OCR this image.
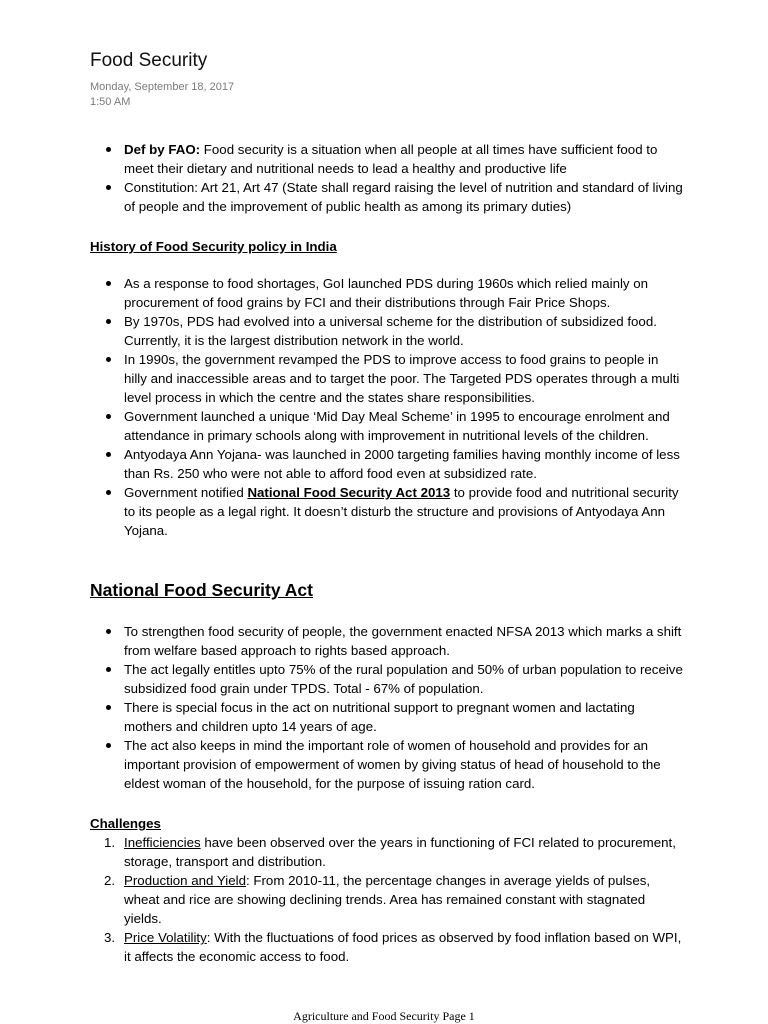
Food Security
Monday, September 18, 2017
1:50 AM
Def by FAO: Food security is a situation when all people at all times have sufficient food to meet their dietary and nutritional needs to lead a healthy and productive life
Constitution: Art 21, Art 47 (State shall regard raising the level of nutrition and standard of living of people and the improvement of public health as among its primary duties)
History of Food Security policy in India
As a response to food shortages, GoI launched PDS during 1960s which relied mainly on procurement of food grains by FCI and their distributions through Fair Price Shops.
By 1970s, PDS had evolved into a universal scheme for the distribution of subsidized food. Currently, it is the largest distribution network in the world.
In 1990s, the government revamped the PDS to improve access to food grains to people in hilly and inaccessible areas and to target the poor. The Targeted PDS operates through a multi level process in which the centre and the states share responsibilities.
Government launched a unique ‘Mid Day Meal Scheme’ in 1995 to encourage enrolment and attendance in primary schools along with improvement in nutritional levels of the children.
Antyodaya Ann Yojana- was launched in 2000 targeting families having monthly income of less than Rs. 250 who were not able to afford food even at subsidized rate.
Government notified National Food Security Act 2013 to provide food and nutritional security to its people as a legal right. It doesn’t disturb the structure and provisions of Antyodaya Ann Yojana.
National Food Security Act
To strengthen food security of people, the government enacted NFSA 2013 which marks a shift from welfare based approach to rights based approach.
The act legally entitles upto 75% of the rural population and 50% of urban population to receive subsidized food grain under TPDS. Total - 67% of population.
There is special focus in the act on nutritional support to pregnant women and lactating mothers and children upto 14 years of age.
The act also keeps in mind the important role of women of household and provides for an important provision of empowerment of women by giving status of head of household to the eldest woman of the household, for the purpose of issuing ration card.
Challenges
1. Inefficiencies have been observed over the years in functioning of FCI related to procurement, storage, transport and distribution.
2. Production and Yield: From 2010-11, the percentage changes in average yields of pulses, wheat and rice are showing declining trends. Area has remained constant with stagnated yields.
3. Price Volatility: With the fluctuations of food prices as observed by food inflation based on WPI, it affects the economic access to food.
Agriculture and Food Security Page 1
